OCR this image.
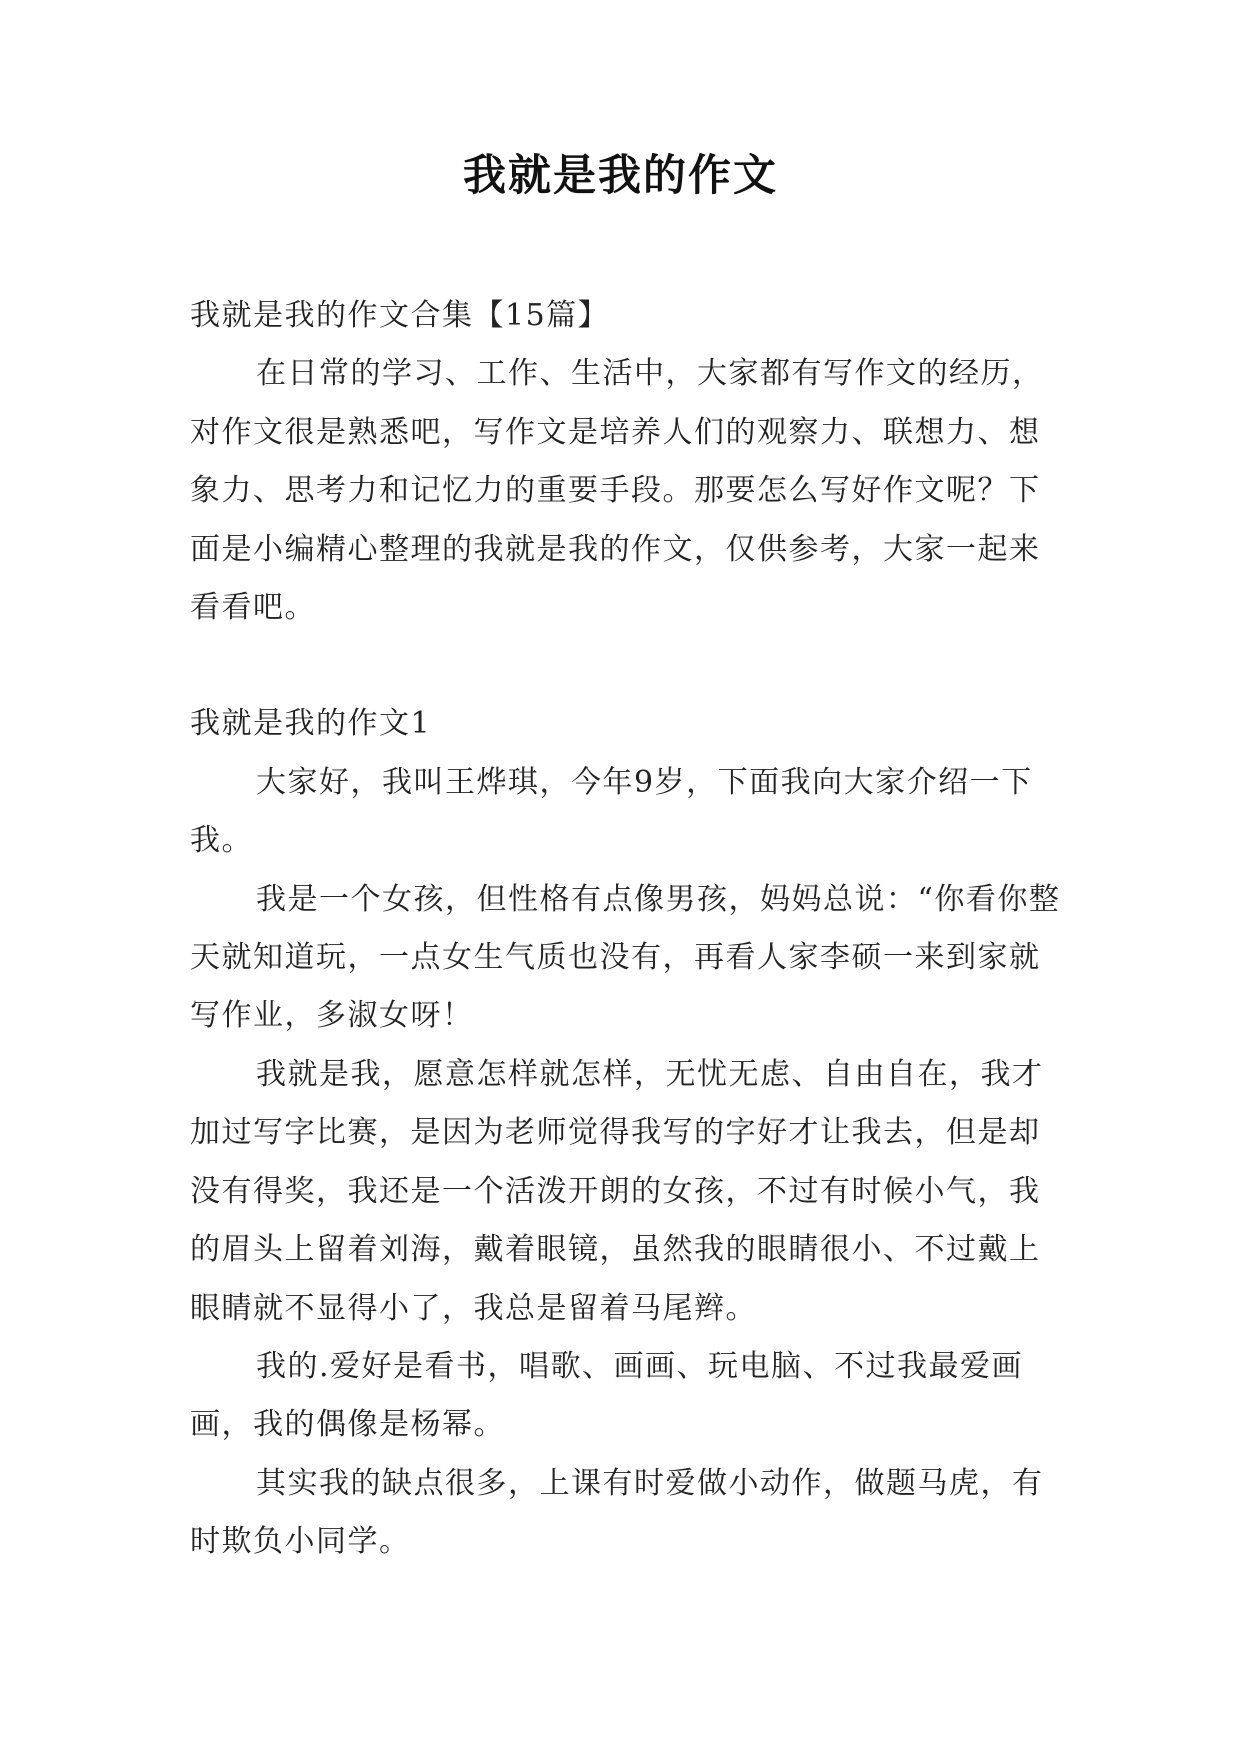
我就是我的作文

我就是我的作文合集【15篇】

在日常的学习、工作、生活中，大家都有写作文的经历，对作文很是熟悉吧，写作文是培养人们的观察力、联想力、想象力、思考力和记忆力的重要手段。那要怎么写好作文呢？下面是小编精心整理的我就是我的作文，仅供参考，大家一起来看看吧。

我就是我的作文1

大家好，我叫王烨琪，今年9岁，下面我向大家介绍一下我。

我是一个女孩，但性格有点像男孩，妈妈总说：“你看你整天就知道玩，一点女生气质也没有，再看人家李硕一来到家就写作业，多淑女呀！

我就是我，愿意怎样就怎样，无忧无虑、自由自在，我才加过写字比赛，是因为老师觉得我写的字好才让我去，但是却没有得奖，我还是一个活泼开朗的女孩，不过有时候小气，我的眉头上留着刘海，戴着眼镜，虽然我的眼睛很小、不过戴上眼睛就不显得小了，我总是留着马尾辫。

我的.爱好是看书，唱歌、画画、玩电脑、不过我最爱画画，我的偶像是杨幂。

其实我的缺点很多，上课有时爱做小动作，做题马虎，有时欺负小同学。
